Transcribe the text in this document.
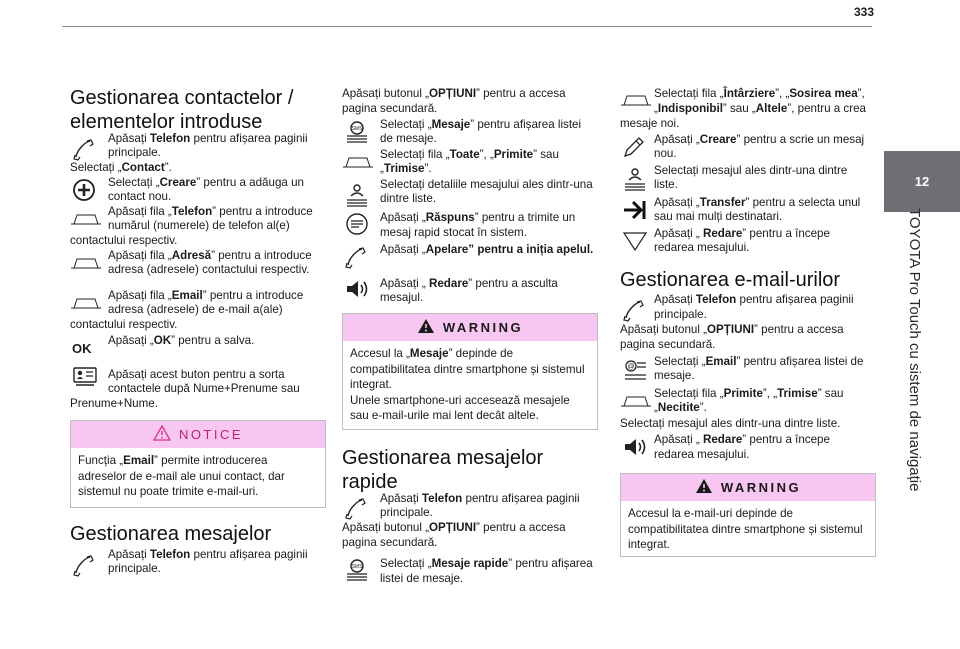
333
12
TOYOTA Pro Touch cu sistem de navigație
Gestionarea contactelor /
elementelor introduse
Apăsați Telefon pentru afișarea paginii
principale.
Selectați „Contact”.
Selectați „Creare” pentru a adăuga un
contact nou.
Apăsați fila „Telefon” pentru a introduce
numărul (numerele) de telefon al(e)
contactului respectiv.
Apăsați fila „Adresă” pentru a introduce
adresa (adresele) contactului respectiv.
Apăsați fila „Email” pentru a introduce
adresa (adresele) de e-mail a(ale)
contactului respectiv.
OK
Apăsați „OK” pentru a salva.
Apăsați acest buton pentru a sorta
contactele după Nume+Prenume sau
Prenume+Nume.
NOTICE
Funcția „Email” permite introducerea
adreselor de e-mail ale unui contact, dar
sistemul nu poate trimite e-mail-uri.
Gestionarea mesajelor
Apăsați Telefon pentru afișarea paginii
principale.
Apăsați butonul „OPȚIUNI” pentru a accesa
pagina secundară.
SMS Selectați „Mesaje” pentru afișarea listei
de mesaje.
Selectați fila „Toate”, „Primite” sau
„Trimise”.
Selectați detaliile mesajului ales dintr-una
dintre liste.
Apăsați „Răspuns” pentru a trimite un
mesaj rapid stocat în sistem.
Apăsați „Apelare” pentru a iniția apelul.
Apăsați „ Redare” pentru a asculta
mesajul.
WARNING
Accesul la „Mesaje” depinde de
compatibilitatea dintre smartphone și sistemul
integrat.
Unele smartphone-uri accesează mesajele
sau e-mail-urile mai lent decât altele.
Gestionarea mesajelor
rapide
Apăsați Telefon pentru afișarea paginii
principale.
Apăsați butonul „OPȚIUNI” pentru a accesa
pagina secundară.
SMS Selectați „Mesaje rapide” pentru afișarea
listei de mesaje.
Selectați fila „Întârziere”, „Sosirea mea”,
„Indisponibil” sau „Altele”, pentru a crea
mesaje noi.
Apăsați „Creare” pentru a scrie un mesaj
nou.
Selectați mesajul ales dintr-una dintre
liste.
Apăsați „Transfer” pentru a selecta unul
sau mai mulți destinatari.
Apăsați „ Redare” pentru a începe
redarea mesajului.
Gestionarea e-mail-urilor
Apăsați Telefon pentru afișarea paginii
principale.
Apăsați butonul „OPȚIUNI” pentru a accesa
pagina secundară.
@ Selectați „Email” pentru afișarea listei de
mesaje.
Selectați fila „Primite”, „Trimise” sau
„Necitite”.
Selectați mesajul ales dintr-una dintre liste.
Apăsați „ Redare” pentru a începe
redarea mesajului.
WARNING
Accesul la e-mail-uri depinde de
compatibilitatea dintre smartphone și sistemul
integrat.
